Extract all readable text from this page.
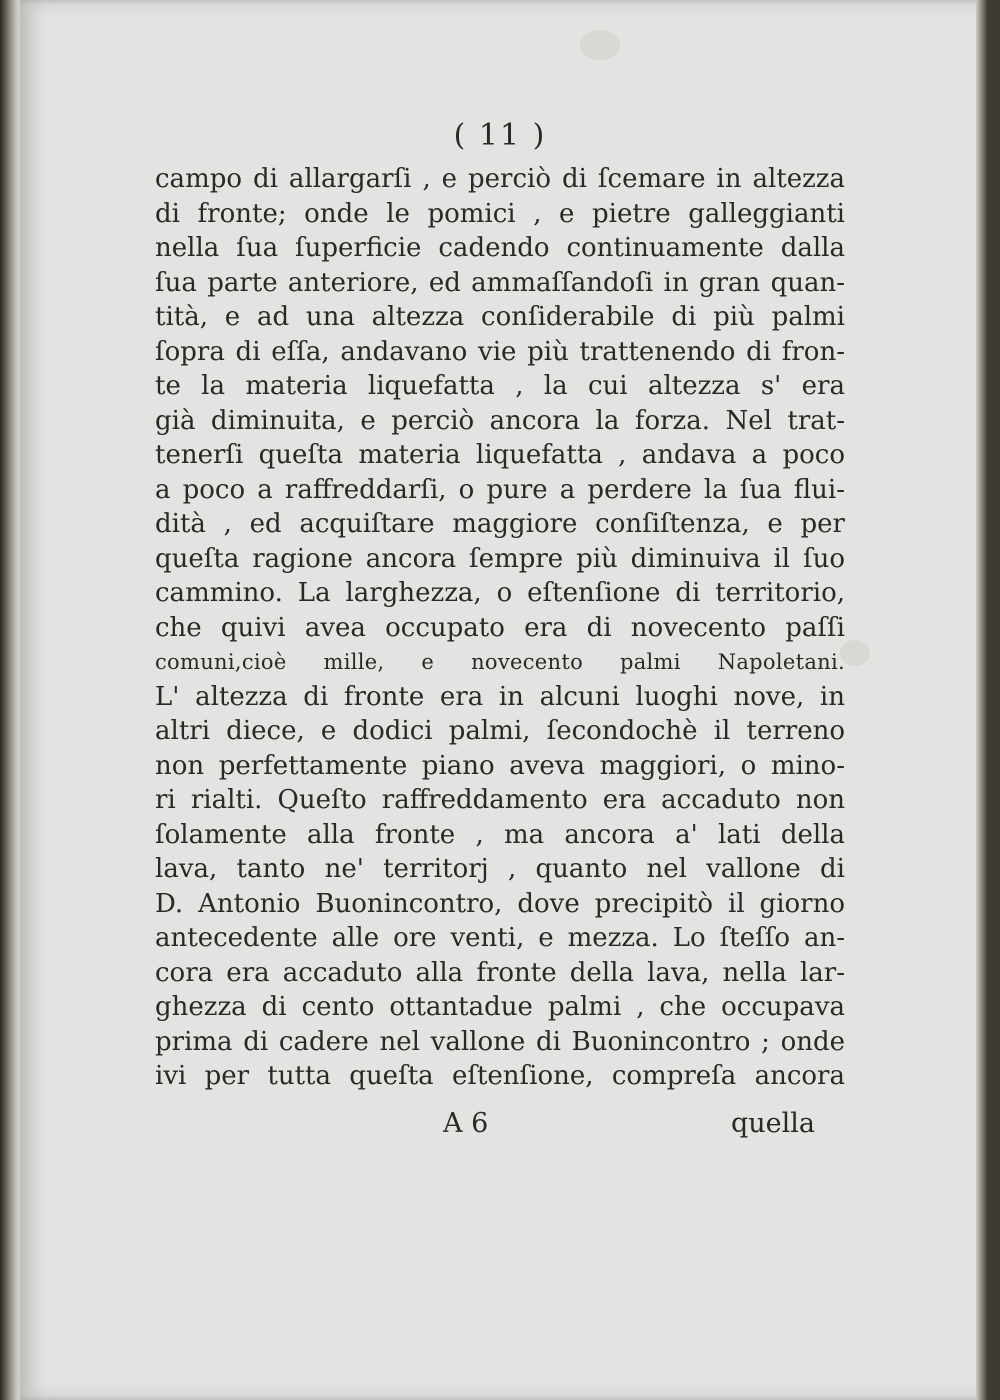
( 11 )
campo di allargarſi , e perciò di ſcemare in altezza
di fronte; onde le pomici , e pietre galleggianti
nella ſua ſuperficie cadendo continuamente dalla
ſua parte anteriore, ed ammaſſandoſi in gran quan-
tità, e ad una altezza conſiderabile di più palmi
ſopra di eſſa, andavano vie più trattenendo di fron-
te la materia liquefatta , la cui altezza s' era
già diminuita, e perciò ancora la forza. Nel trat-
tenerſi queſta materia liquefatta , andava a poco
a poco a raffreddarſi, o pure a perdere la ſua flui-
dità , ed acquiſtare maggiore conſiſtenza, e per
queſta ragione ancora ſempre più diminuiva il ſuo
cammino. La larghezza, o eſtenſione di territorio,
che quivi avea occupato era di novecento paſſi
comuni,cioè mille, e novecento palmi Napoletani.
L' altezza di fronte era in alcuni luoghi nove, in
altri diece, e dodici palmi, ſecondochè il terreno
non perfettamente piano aveva maggiori, o mino-
ri rialti. Queſto raffreddamento era accaduto non
ſolamente alla fronte , ma ancora a' lati della
lava, tanto ne' territorj , quanto nel vallone di
D. Antonio Buonincontro, dove precipitò il giorno
antecedente alle ore venti, e mezza. Lo ſteſſo an-
cora era accaduto alla fronte della lava, nella lar-
ghezza di cento ottantadue palmi , che occupava
prima di cadere nel vallone di Buonincontro ; onde
ivi per tutta queſta eſtenſione, compreſa ancora
A 6	quella
